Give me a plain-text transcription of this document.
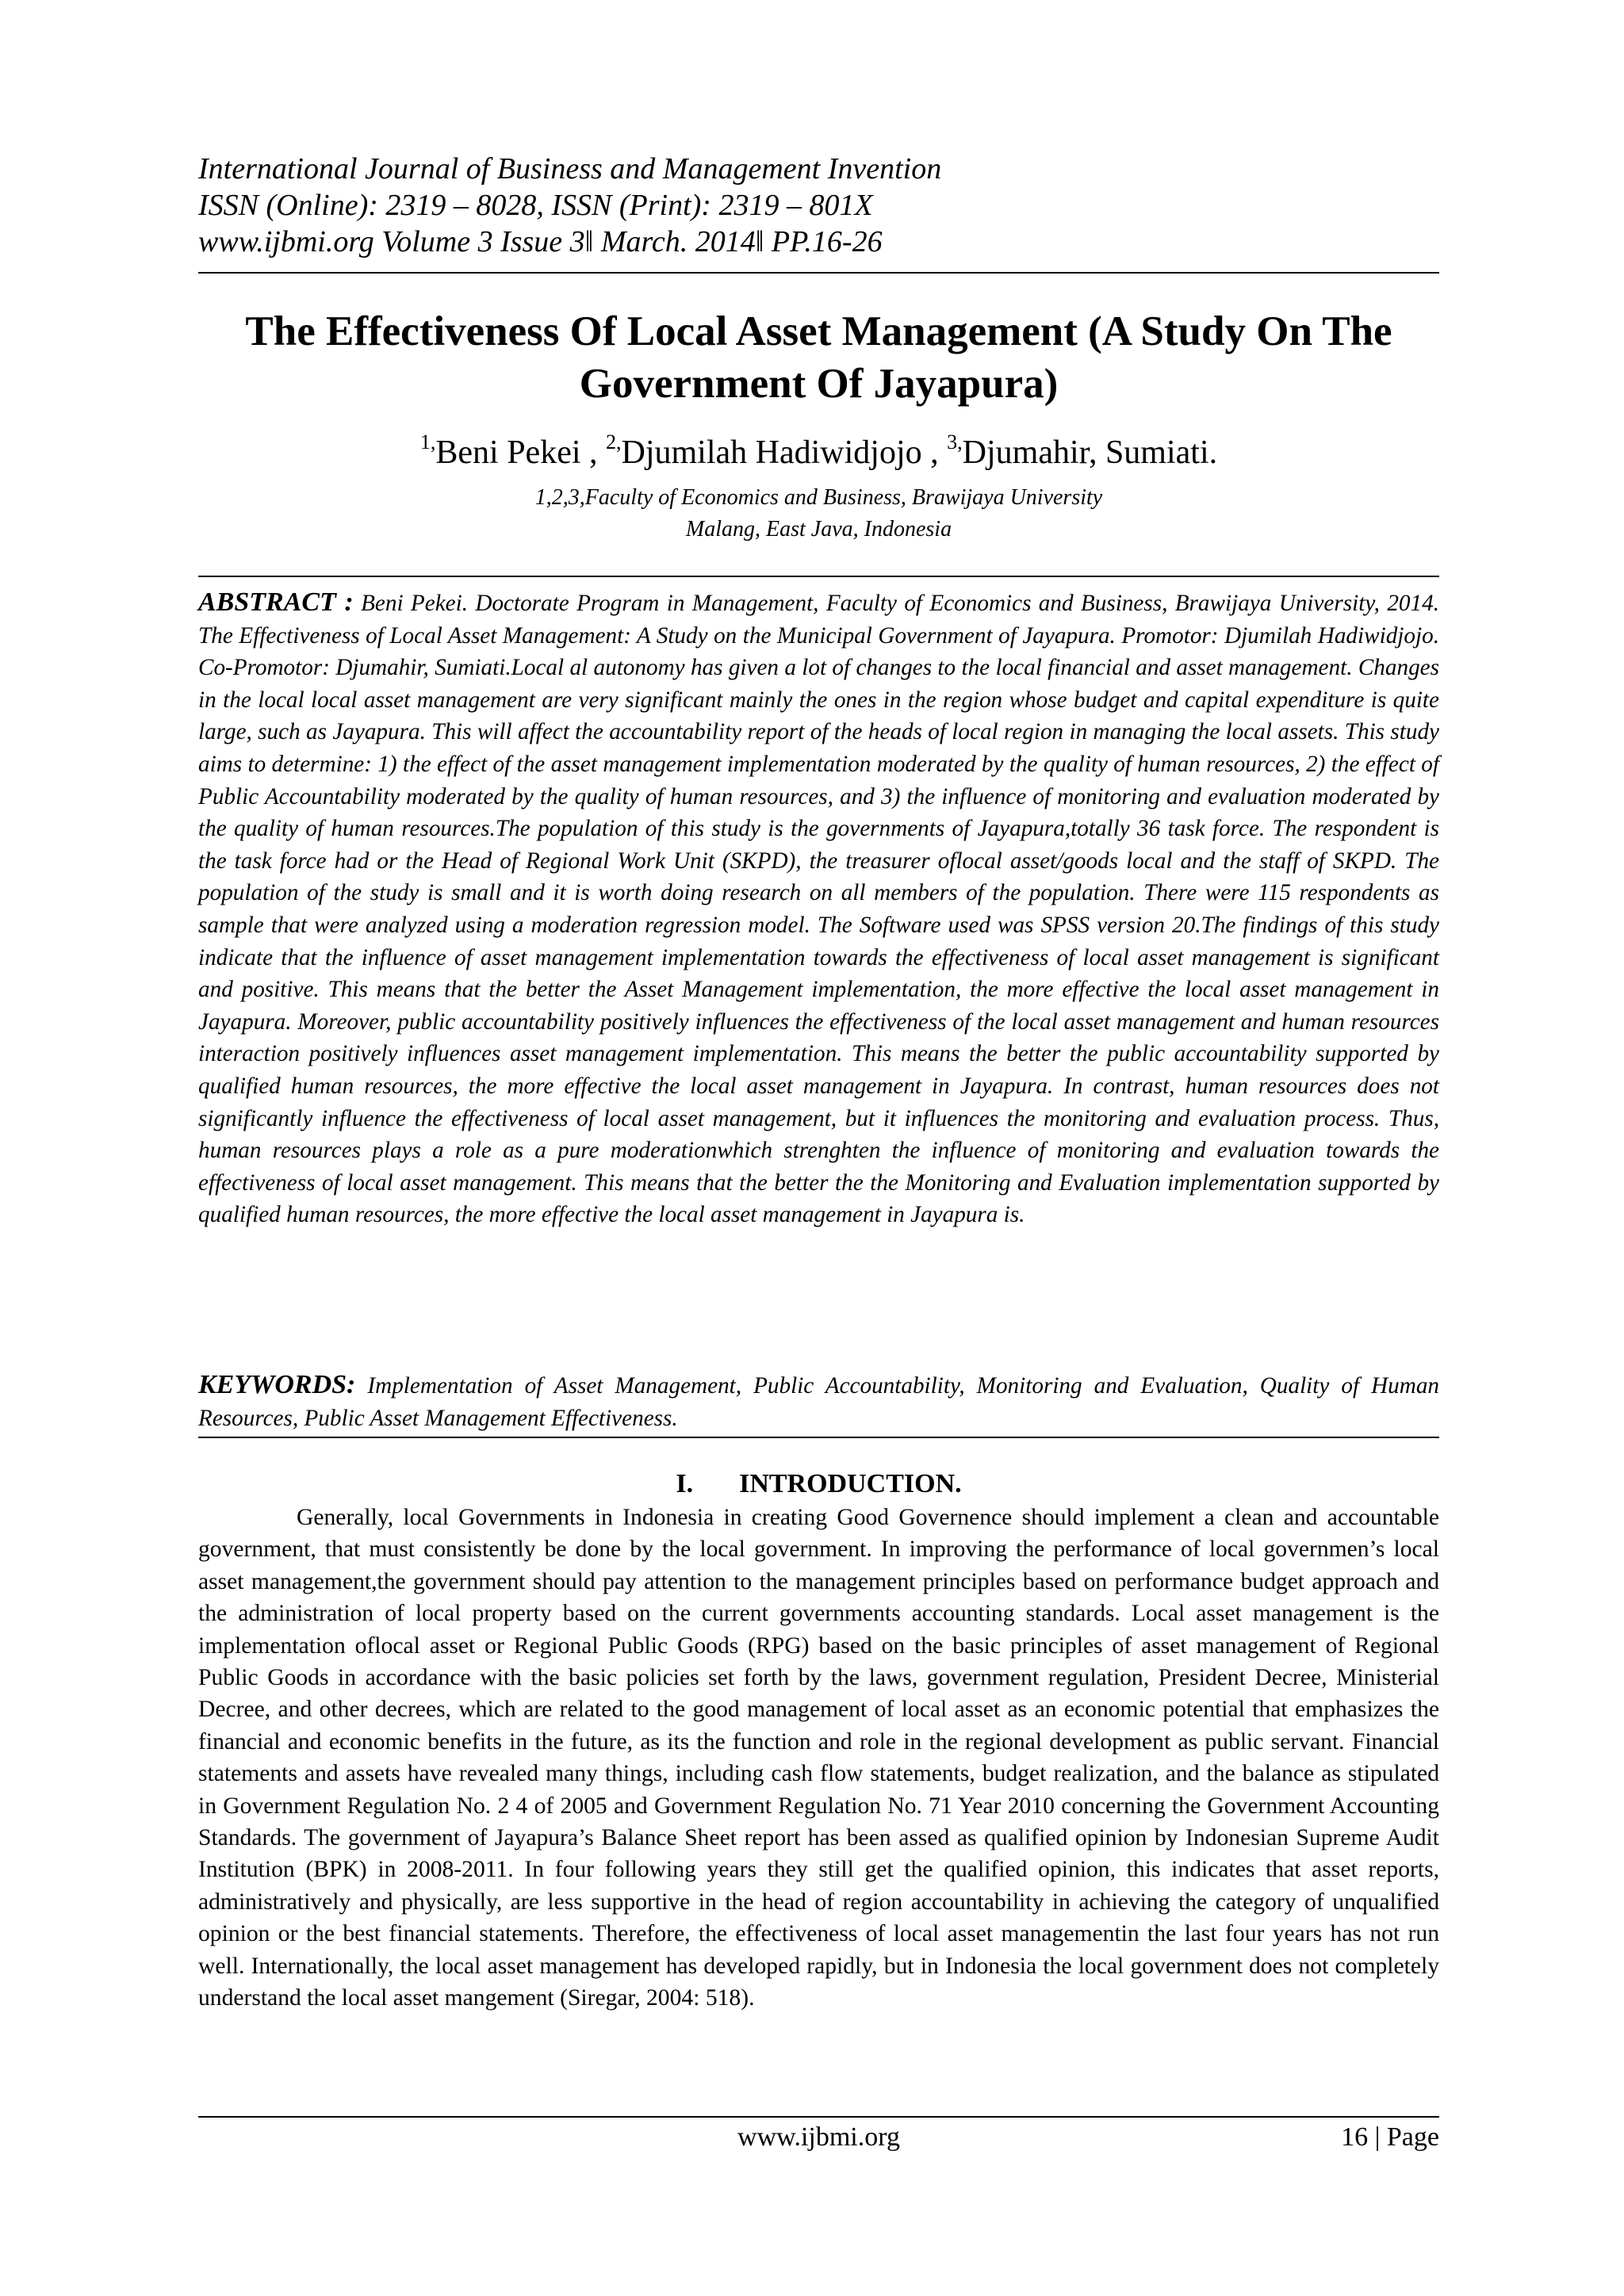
International Journal of Business and Management Invention
ISSN (Online): 2319 – 8028, ISSN (Print): 2319 – 801X
www.ijbmi.org Volume 3 Issue 3ǁ March. 2014ǁ PP.16-26
The Effectiveness Of Local Asset Management (A Study On The
Government Of Jayapura)
$^{1,}$Beni Pekei , $^{2,}$Djumilah Hadiwidjojo , $^{3,}$Djumahir, Sumiati.
1,2,3,Faculty of Economics and Business, Brawijaya University
Malang, East Java, Indonesia
ABSTRACT : Beni Pekei. Doctorate Program in Management, Faculty of Economics and Business, Brawijaya University, 2014. The Effectiveness of Local Asset Management: A Study on the Municipal Government of Jayapura. Promotor: Djumilah Hadiwidjojo. Co-Promotor: Djumahir, Sumiati.Local al autonomy has given a lot of changes to the local financial and asset management. Changes in the local local asset management are very significant mainly the ones in the region whose budget and capital expenditure is quite large, such as Jayapura. This will affect the accountability report of the heads of local region in managing the local assets. This study aims to determine: 1) the effect of the asset management implementation moderated by the quality of human resources, 2) the effect of Public Accountability moderated by the quality of human resources, and 3) the influence of monitoring and evaluation moderated by the quality of human resources.The population of this study is the governments of Jayapura,totally 36 task force. The respondent is the task force had or the Head of Regional Work Unit (SKPD), the treasurer oflocal asset/goods local and the staff of SKPD. The population of the study is small and it is worth doing research on all members of the population. There were 115 respondents as sample that were analyzed using a moderation regression model. The Software used was SPSS version 20.The findings of this study indicate that the influence of asset management implementation towards the effectiveness of local asset management is significant and positive. This means that the better the Asset Management implementation, the more effective the local asset management in Jayapura. Moreover, public accountability positively influences the effectiveness of the local asset management and human resources interaction positively influences asset management implementation. This means the better the public accountability supported by qualified human resources, the more effective the local asset management in Jayapura. In contrast, human resources does not significantly influence the effectiveness of local asset management, but it influences the monitoring and evaluation process. Thus, human resources plays a role as a pure moderationwhich strenghten the influence of monitoring and evaluation towards the effectiveness of local asset management. This means that the better the the Monitoring and Evaluation implementation supported by qualified human resources, the more effective the local asset management in Jayapura is.
KEYWORDS: Implementation of Asset Management, Public Accountability, Monitoring and Evaluation, Quality of Human Resources, Public Asset Management Effectiveness.
I. INTRODUCTION.
Generally, local Governments in Indonesia in creating Good Governence should implement a clean and accountable government, that must consistently be done by the local government. In improving the performance of local governmen’s local asset management,the government should pay attention to the management principles based on performance budget approach and the administration of local property based on the current governments accounting standards. Local asset management is the implementation oflocal asset or Regional Public Goods (RPG) based on the basic principles of asset management of Regional Public Goods in accordance with the basic policies set forth by the laws, government regulation, President Decree, Ministerial Decree, and other decrees, which are related to the good management of local asset as an economic potential that emphasizes the financial and economic benefits in the future, as its the function and role in the regional development as public servant. Financial statements and assets have revealed many things, including cash flow statements, budget realization, and the balance as stipulated in Government Regulation No. 2 4 of 2005 and Government Regulation No. 71 Year 2010 concerning the Government Accounting Standards. The government of Jayapura’s Balance Sheet report has been assed as qualified opinion by Indonesian Supreme Audit Institution (BPK) in 2008-2011. In four following years they still get the qualified opinion, this indicates that asset reports, administratively and physically, are less supportive in the head of region accountability in achieving the category of unqualified opinion or the best financial statements. Therefore, the effectiveness of local asset managementin the last four years has not run well. Internationally, the local asset management has developed rapidly, but in Indonesia the local government does not completely understand the local asset mangement (Siregar, 2004: 518).
www.ijbmi.org	16 | Page
